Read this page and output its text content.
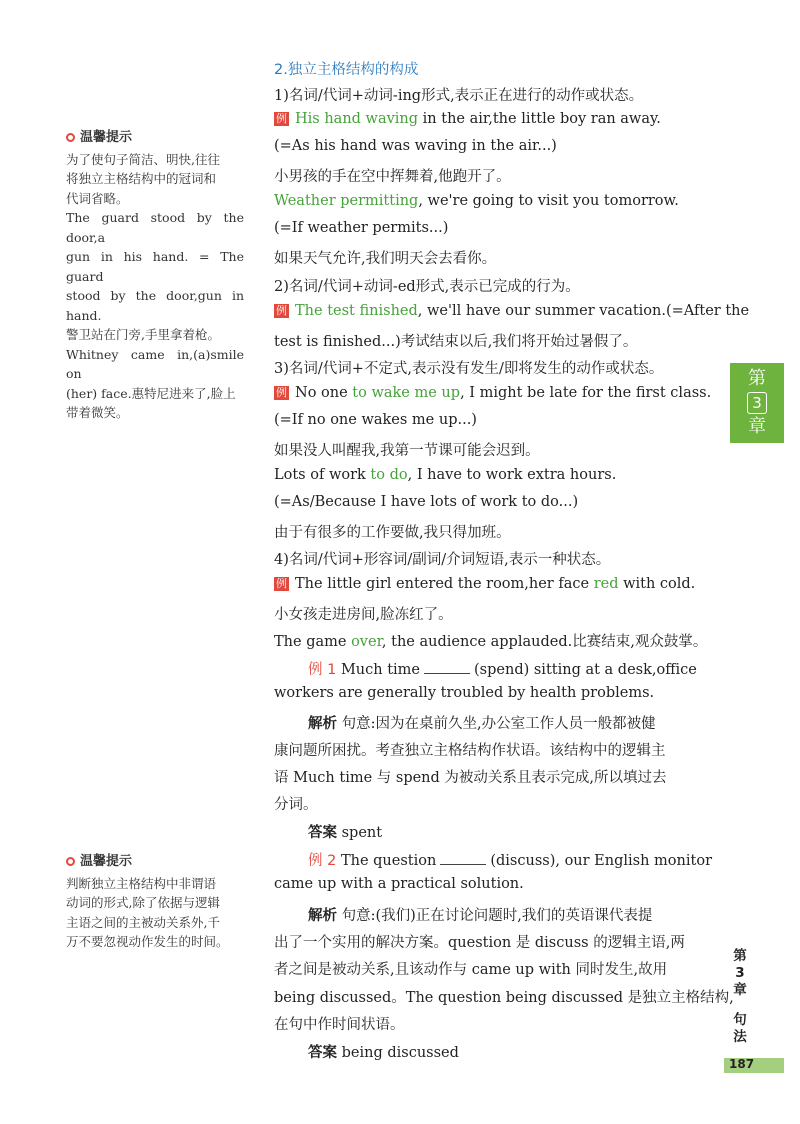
温馨提示

为了使句子简洁、明快,往往

将独立主格结构中的冠词和

代词省略。

The guard stood by the door,a

gun in his hand. = The guard

stood by the door,gun in hand.

警卫站在门旁,手里拿着枪。

Whitney came in,(a)smile on

(her) face.惠特尼进来了,脸上

带着微笑。

温馨提示

判断独立主格结构中非谓语

动词的形式,除了依据与逻辑

主语之间的主被动关系外,千

万不要忽视动作发生的时间。

2.独立主格结构的构成
1)名词/代词+动词-ing形式,表示正在进行的动作或状态。
例 His hand waving in the air,the little boy ran away.
(=As his hand was waving in the air...)
小男孩的手在空中挥舞着,他跑开了。
Weather permitting, we're going to visit you tomorrow.
(=If weather permits...)
如果天气允许,我们明天会去看你。
2)名词/代词+动词-ed形式,表示已完成的行为。
例 The test finished, we'll have our summer vacation.(=After the
test is finished...)考试结束以后,我们将开始过暑假了。
3)名词/代词+不定式,表示没有发生/即将发生的动作或状态。
例 No one to wake me up, I might be late for the first class.
(=If no one wakes me up...)
如果没人叫醒我,我第一节课可能会迟到。
Lots of work to do, I have to work extra hours.
(=As/Because I have lots of work to do...)
由于有很多的工作要做,我只得加班。
4)名词/代词+形容词/副词/介词短语,表示一种状态。
例 The little girl entered the room,her face red with cold.
小女孩走进房间,脸冻红了。
The game over, the audience applauded.比赛结束,观众鼓掌。
例 1 Much time	(spend) sitting at a desk,office
workers are generally troubled by health problems.
解析 句意:因为在桌前久坐,办公室工作人员一般都被健
康问题所困扰。考查独立主格结构作状语。该结构中的逻辑主
语 Much time 与 spend 为被动关系且表示完成,所以填过去
分词。
答案 spent
例 2 The question	(discuss), our English monitor
came up with a practical solution.
解析 句意:(我们)正在讨论问题时,我们的英语课代表提
出了一个实用的解决方案。question 是 discuss 的逻辑主语,两
者之间是被动关系,且该动作与 came up with 同时发生,故用
being discussed。The question being discussed 是独立主格结构,
在句中作时间状语。
答案 being discussed
第
3
章
第
3
章
句
法
187
